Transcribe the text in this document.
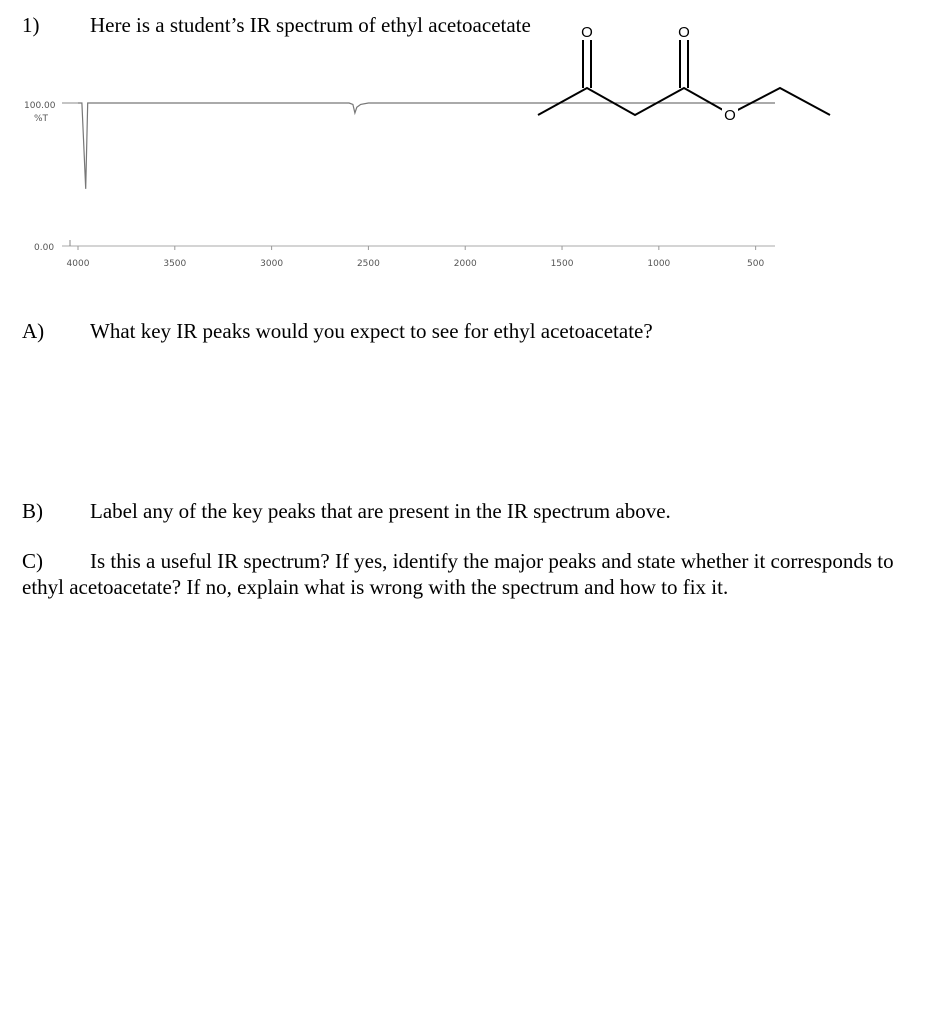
1) Here is a student’s IR spectrum of ethyl acetoacetate
100.00
%T
0.00
4000	3500	3000	2500	2000	1500	1000	500
O	O
O
A) What key IR peaks would you expect to see for ethyl acetoacetate?
B) Label any of the key peaks that are present in the IR spectrum above.
C) Is this a useful IR spectrum? If yes, identify the major peaks and state whether it corresponds to ethyl acetoacetate? If no, explain what is wrong with the spectrum and how to fix it.
